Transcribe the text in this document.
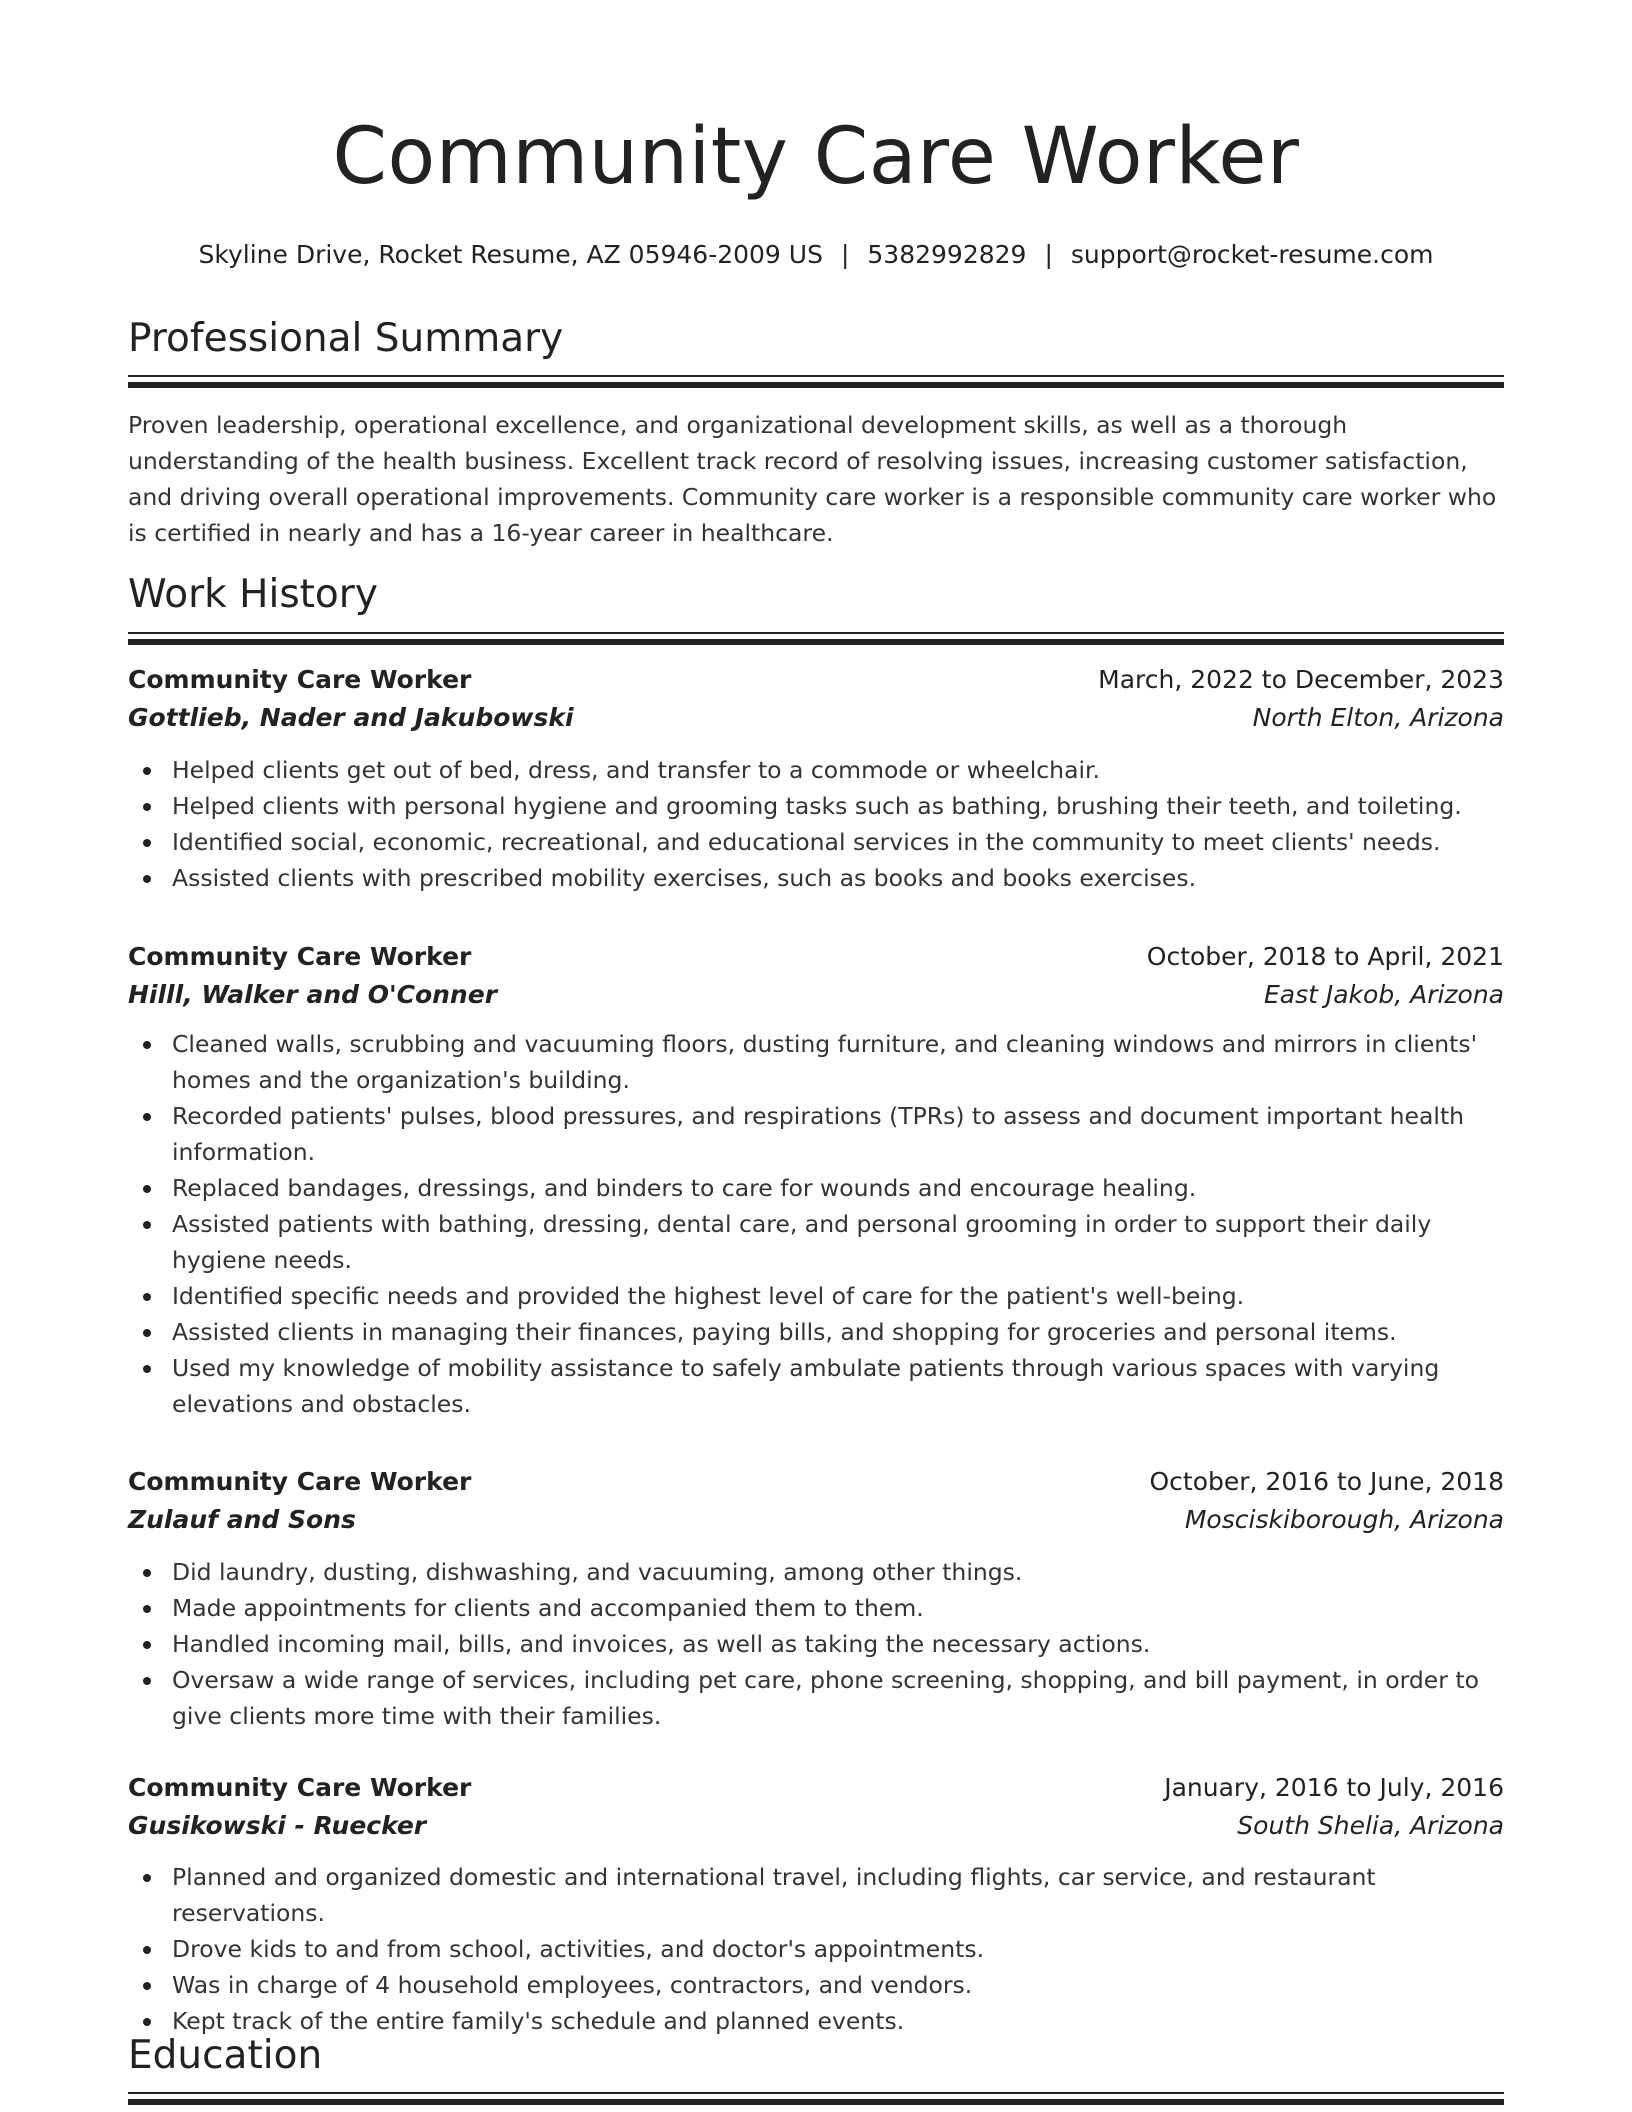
Community Care Worker
Skyline Drive, Rocket Resume, AZ 05946-2009 US | 5382992829 | support@rocket-resume.com
Professional Summary
Proven leadership, operational excellence, and organizational development skills, as well as a thorough understanding of the health business. Excellent track record of resolving issues, increasing customer satisfaction, and driving overall operational improvements. Community care worker is a responsible community care worker who is certified in nearly and has a 16-year career in healthcare.
Work History
Community Care Worker	March, 2022 to December, 2023
Gottlieb, Nader and Jakubowski	North Elton, Arizona
Helped clients get out of bed, dress, and transfer to a commode or wheelchair.
Helped clients with personal hygiene and grooming tasks such as bathing, brushing their teeth, and toileting.
Identified social, economic, recreational, and educational services in the community to meet clients' needs.
Assisted clients with prescribed mobility exercises, such as books and books exercises.
Community Care Worker	October, 2018 to April, 2021
Hilll, Walker and O'Conner	East Jakob, Arizona
Cleaned walls, scrubbing and vacuuming floors, dusting furniture, and cleaning windows and mirrors in clients' homes and the organization's building.
Recorded patients' pulses, blood pressures, and respirations (TPRs) to assess and document important health information.
Replaced bandages, dressings, and binders to care for wounds and encourage healing.
Assisted patients with bathing, dressing, dental care, and personal grooming in order to support their daily hygiene needs.
Identified specific needs and provided the highest level of care for the patient's well-being.
Assisted clients in managing their finances, paying bills, and shopping for groceries and personal items.
Used my knowledge of mobility assistance to safely ambulate patients through various spaces with varying elevations and obstacles.
Community Care Worker	October, 2016 to June, 2018
Zulauf and Sons	Mosciskiborough, Arizona
Did laundry, dusting, dishwashing, and vacuuming, among other things.
Made appointments for clients and accompanied them to them.
Handled incoming mail, bills, and invoices, as well as taking the necessary actions.
Oversaw a wide range of services, including pet care, phone screening, shopping, and bill payment, in order to give clients more time with their families.
Community Care Worker	January, 2016 to July, 2016
Gusikowski - Ruecker	South Shelia, Arizona
Planned and organized domestic and international travel, including flights, car service, and restaurant reservations.
Drove kids to and from school, activities, and doctor's appointments.
Was in charge of 4 household employees, contractors, and vendors.
Kept track of the entire family's schedule and planned events.
Education
